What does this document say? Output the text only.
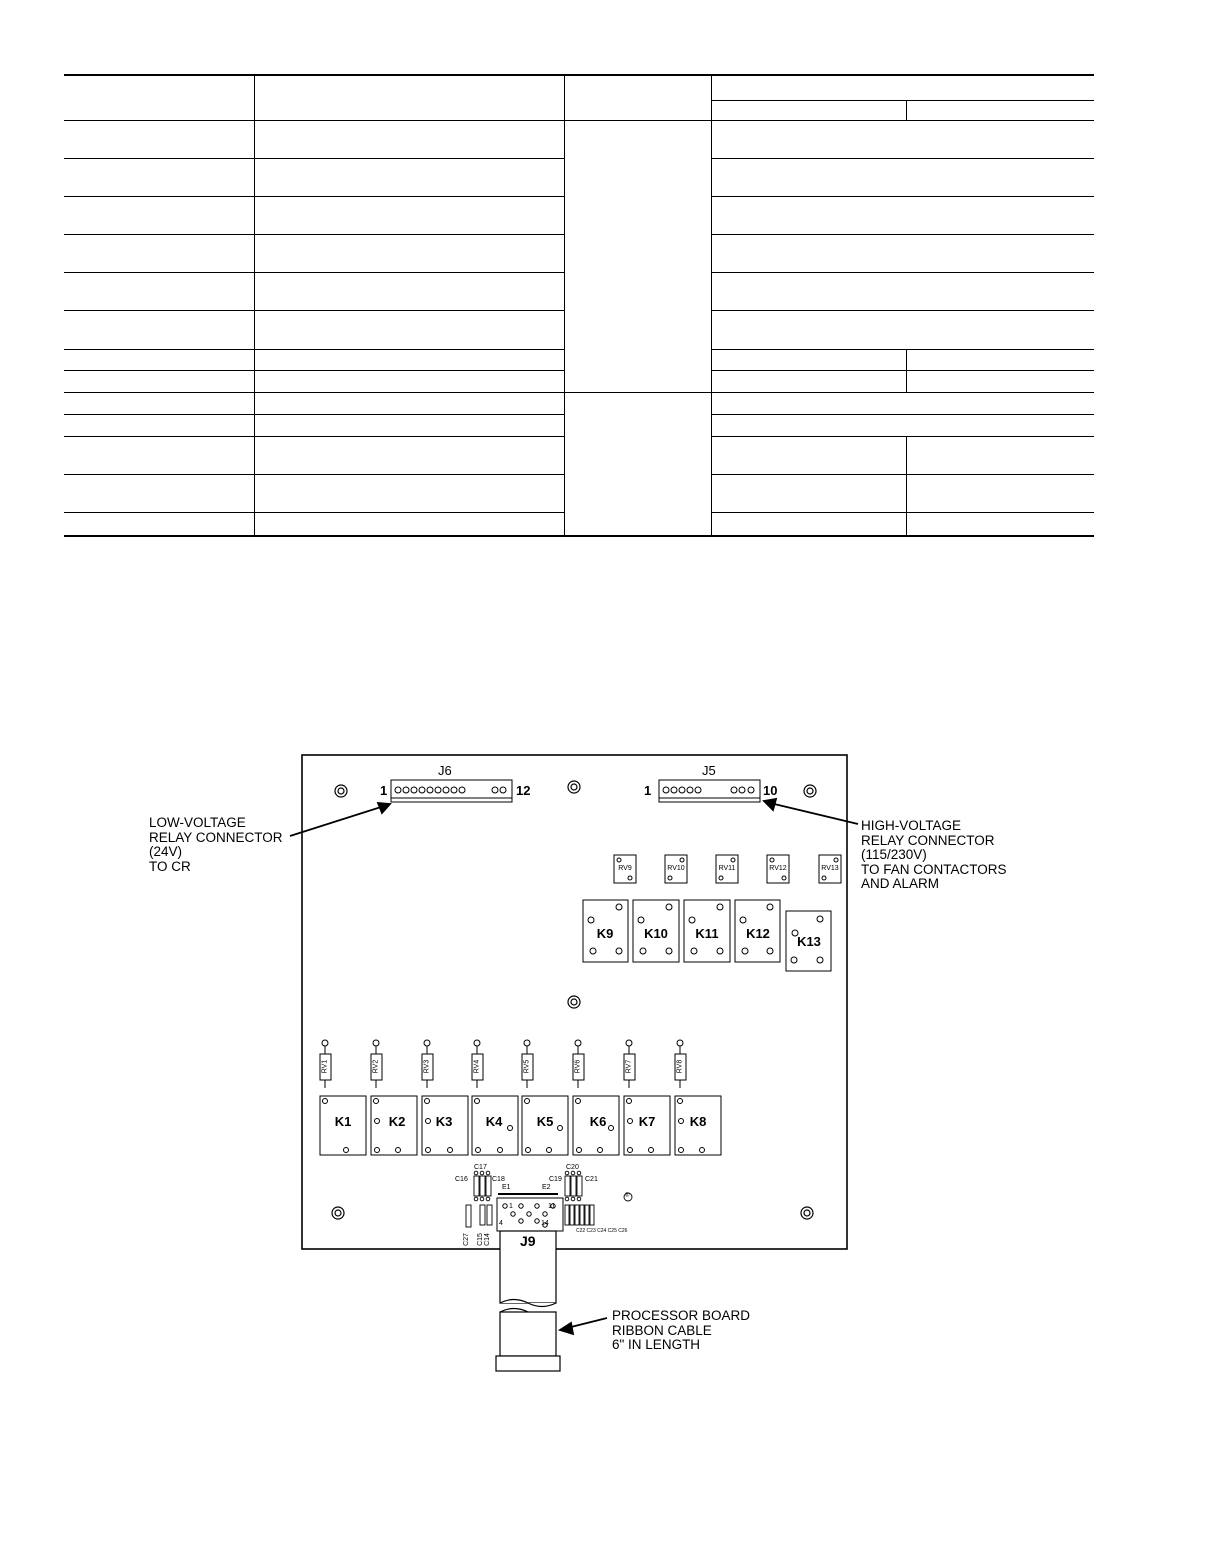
J6
1	12
J5
1	10
J9
LOW-VOLTAGE
RELAY CONNECTOR
(24V)
TO CR
HIGH-VOLTAGE
RELAY CONNECTOR
(115/230V)
TO FAN CONTACTORS
AND ALARM
PROCESSOR BOARD
RIBBON CABLE
6" IN LENGTH
RV9	RV10	RV11	RV12	RV13
K9	K10	K11	K12
K13
RV1	RV2	RV3	RV4	RV5	RV6	RV7	RV8
K1	K2	K3	K4	K5	K6	K7	K8
C16
C17
C18
E1	E2
C19
C20
C21
C27 C15 C14
C22 C23 C24 C25 C26
1	11
4	14
®
